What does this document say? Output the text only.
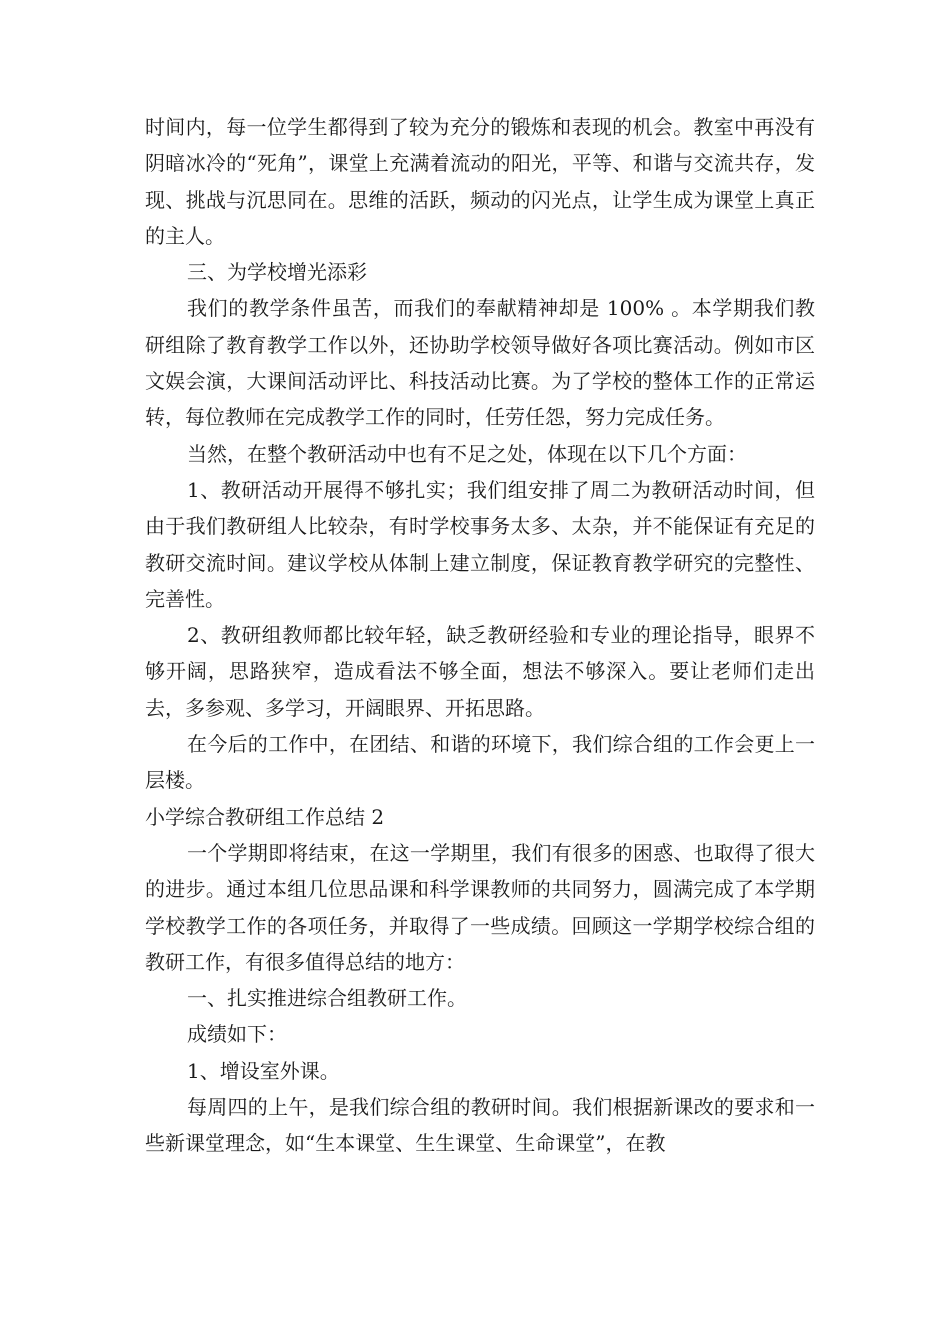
时间内，每一位学生都得到了较为充分的锻炼和表现的机会。教室中再没有阴暗冰冷的“死角”，课堂上充满着流动的阳光，平等、和谐与交流共存，发现、挑战与沉思同在。思维的活跃，频动的闪光点，让学生成为课堂上真正的主人。

三、为学校增光添彩

我们的教学条件虽苦，而我们的奉献精神却是 100% 。本学期我们教研组除了教育教学工作以外，还协助学校领导做好各项比赛活动。例如市区文娱会演，大课间活动评比、科技活动比赛。为了学校的整体工作的正常运转，每位教师在完成教学工作的同时，任劳任怨，努力完成任务。

当然，在整个教研活动中也有不足之处，体现在以下几个方面：

1、教研活动开展得不够扎实；我们组安排了周二为教研活动时间，但由于我们教研组人比较杂，有时学校事务太多、太杂，并不能保证有充足的教研交流时间。建议学校从体制上建立制度，保证教育教学研究的完整性、完善性。

2、教研组教师都比较年轻，缺乏教研经验和专业的理论指导，眼界不够开阔，思路狭窄，造成看法不够全面，想法不够深入。要让老师们走出去，多参观、多学习，开阔眼界、开拓思路。

在今后的工作中，在团结、和谐的环境下，我们综合组的工作会更上一层楼。

小学综合教研组工作总结 2

一个学期即将结束，在这一学期里，我们有很多的困惑、也取得了很大的进步。通过本组几位思品课和科学课教师的共同努力，圆满完成了本学期学校教学工作的各项任务，并取得了一些成绩。回顾这一学期学校综合组的教研工作，有很多值得总结的地方：

一、扎实推进综合组教研工作。

成绩如下：

1、增设室外课。

每周四的上午，是我们综合组的教研时间。我们根据新课改的要求和一些新课堂理念，如“生本课堂、生生课堂、生命课堂”，在教
